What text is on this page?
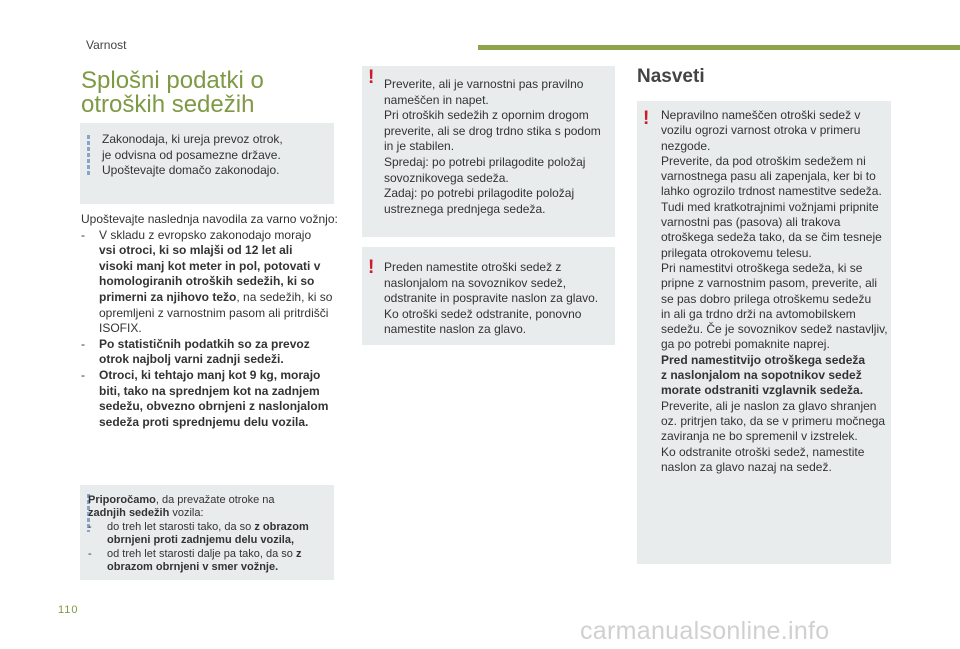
Varnost
Splošni podatki o otroških sedežih

Zakonodaja, ki ureja prevoz otrok,

je odvisna od posamezne države.

Upoštevajte domačo zakonodajo.

Upoštevajte naslednja navodila za varno vožnjo:
- V skladu z evropsko zakonodajo morajo
vsi otroci, ki so mlajši od 12 let ali
visoki manj kot meter in pol, potovati v
homologiranih otroških sedežih, ki so
primerni za njihovo težo, na sedežih, ki so
opremljeni z varnostnim pasom ali pritrdišči
ISOFIX.
- Po statističnih podatkih so za prevoz
otrok najbolj varni zadnji sedeži.
- Otroci, ki tehtajo manj kot 9 kg, morajo
biti, tako na sprednjem kot na zadnjem
sedežu, obvezno obrnjeni z naslonjalom
sedeža proti sprednjemu delu vozila.
Priporočamo, da prevažate otroke na
zadnjih sedežih vozila:
- do treh let starosti tako, da so z obrazom
obrnjeni proti zadnjemu delu vozila,
- od treh let starosti dalje pa tako, da so z
obrazom obrnjeni v smer vožnje.
! Preverite, ali je varnostni pas pravilno

nameščen in napet.

Pri otroških sedežih z opornim drogom

preverite, ali se drog trdno stika s podom

in je stabilen.

Spredaj: po potrebi prilagodite položaj

sovoznikovega sedeža.

Zadaj: po potrebi prilagodite položaj

ustreznega prednjega sedeža.

! Preden namestite otroški sedež z

naslonjalom na sovoznikov sedež,

odstranite in pospravite naslon za glavo.

Ko otroški sedež odstranite, ponovno

namestite naslon za glavo.

Nasveti
! Nepravilno nameščen otroški sedež v

vozilu ogrozi varnost otroka v primeru

nezgode.

Preverite, da pod otroškim sedežem ni

varnostnega pasu ali zapenjala, ker bi to

lahko ogrozilo trdnost namestitve sedeža.

Tudi med kratkotrajnimi vožnjami pripnite

varnostni pas (pasova) ali trakova

otroškega sedeža tako, da se čim tesneje

prilegata otrokovemu telesu.

Pri namestitvi otroškega sedeža, ki se

pripne z varnostnim pasom, preverite, ali

se pas dobro prilega otroškemu sedežu

in ali ga trdno drži na avtomobilskem

sedežu. Če je sovoznikov sedež nastavljiv,

ga po potrebi pomaknite naprej.

Pred namestitvijo otroškega sedeža

z naslonjalom na sopotnikov sedež

morate odstraniti vzglavnik sedeža.

Preverite, ali je naslon za glavo shranjen

oz. pritrjen tako, da se v primeru močnega

zaviranja ne bo spremenil v izstrelek.

Ko odstranite otroški sedež, namestite

naslon za glavo nazaj na sedež.

110
carmanualsonline.info
